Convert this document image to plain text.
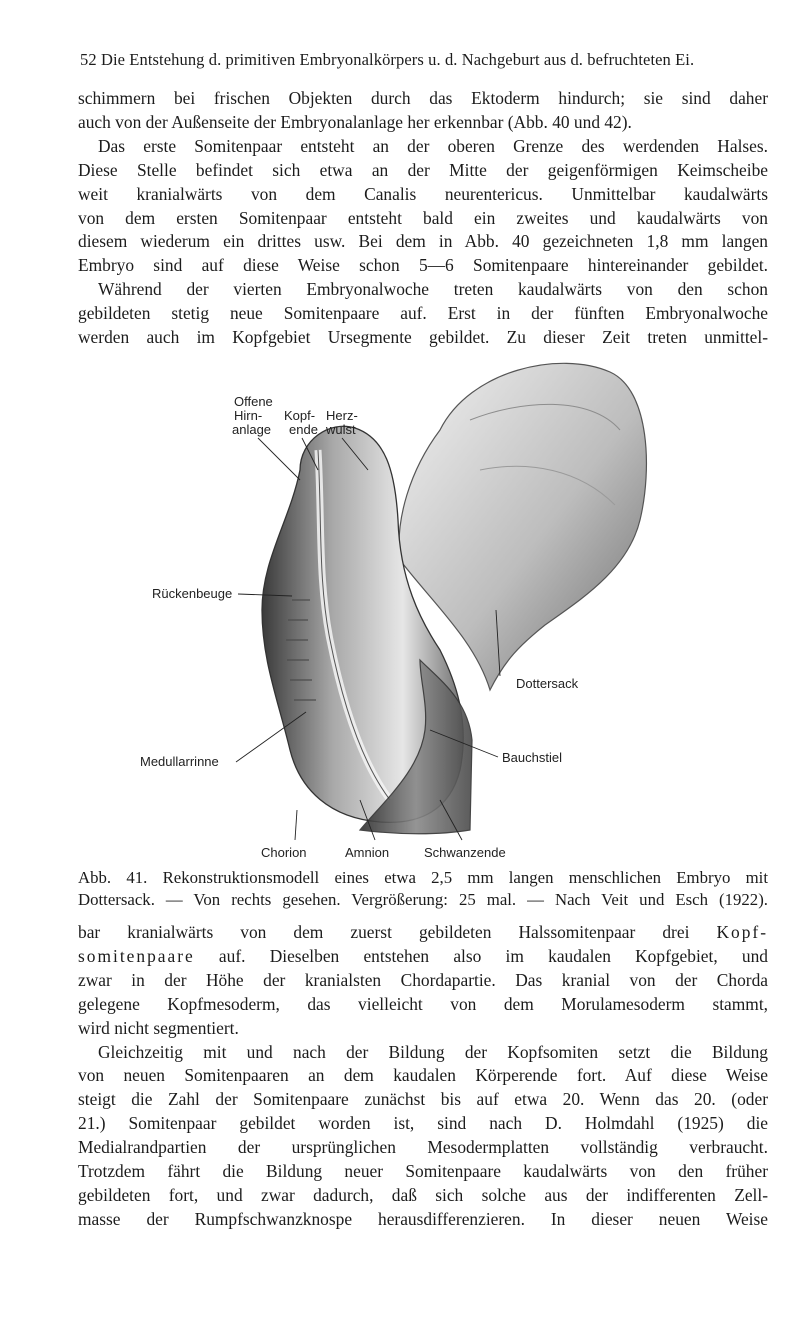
52 Die Entstehung d. primitiven Embryonalkörpers u. d. Nachgeburt aus d. befruchteten Ei.
schimmern bei frischen Objekten durch das Ektoderm hindurch; sie sind daher
auch von der Außenseite der Embryonalanlage her erkennbar (Abb. 40 und 42).
Das erste Somitenpaar entsteht an der oberen Grenze des werdenden Halses.
Diese Stelle befindet sich etwa an der Mitte der geigenförmigen Keimscheibe
weit kranialwärts von dem Canalis neurentericus. Unmittelbar kaudalwärts
von dem ersten Somitenpaar entsteht bald ein zweites und kaudalwärts von
diesem wiederum ein drittes usw. Bei dem in Abb. 40 gezeichneten 1,8 mm langen
Embryo sind auf diese Weise schon 5—6 Somitenpaare hintereinander gebildet.
Während der vierten Embryonalwoche treten kaudalwärts von den schon
gebildeten stetig neue Somitenpaare auf. Erst in der fünften Embryonalwoche
werden auch im Kopfgebiet Ursegmente gebildet. Zu dieser Zeit treten unmittel-
Offene
Hirn-
anlage
Kopf-
ende
Herz-
wulst
Rückenbeuge
Dottersack
Medullarrinne	Bauchstiel
Chorion	Amnion	Schwanzende
Abb. 41. Rekonstruktionsmodell eines etwa 2,5 mm langen menschlichen Embryo mit
Dottersack. — Von rechts gesehen. Vergrößerung: 25 mal. — Nach Veit und Esch (1922).
bar kranialwärts von dem zuerst gebildeten Halssomitenpaar drei Kopf-
somitenpaare auf. Dieselben entstehen also im kaudalen Kopfgebiet, und
zwar in der Höhe der kranialsten Chordapartie. Das kranial von der Chorda
gelegene Kopfmesoderm, das vielleicht von dem Morulamesoderm stammt,
wird nicht segmentiert.
Gleichzeitig mit und nach der Bildung der Kopfsomiten setzt die Bildung
von neuen Somitenpaaren an dem kaudalen Körperende fort. Auf diese Weise
steigt die Zahl der Somitenpaare zunächst bis auf etwa 20. Wenn das 20. (oder
21.) Somitenpaar gebildet worden ist, sind nach D. Holmdahl (1925) die
Medialrandpartien der ursprünglichen Mesodermplatten vollständig verbraucht.
Trotzdem fährt die Bildung neuer Somitenpaare kaudalwärts von den früher
gebildeten fort, und zwar dadurch, daß sich solche aus der indifferenten Zell-
masse der Rumpfschwanzknospe herausdifferenzieren. In dieser neuen Weise
